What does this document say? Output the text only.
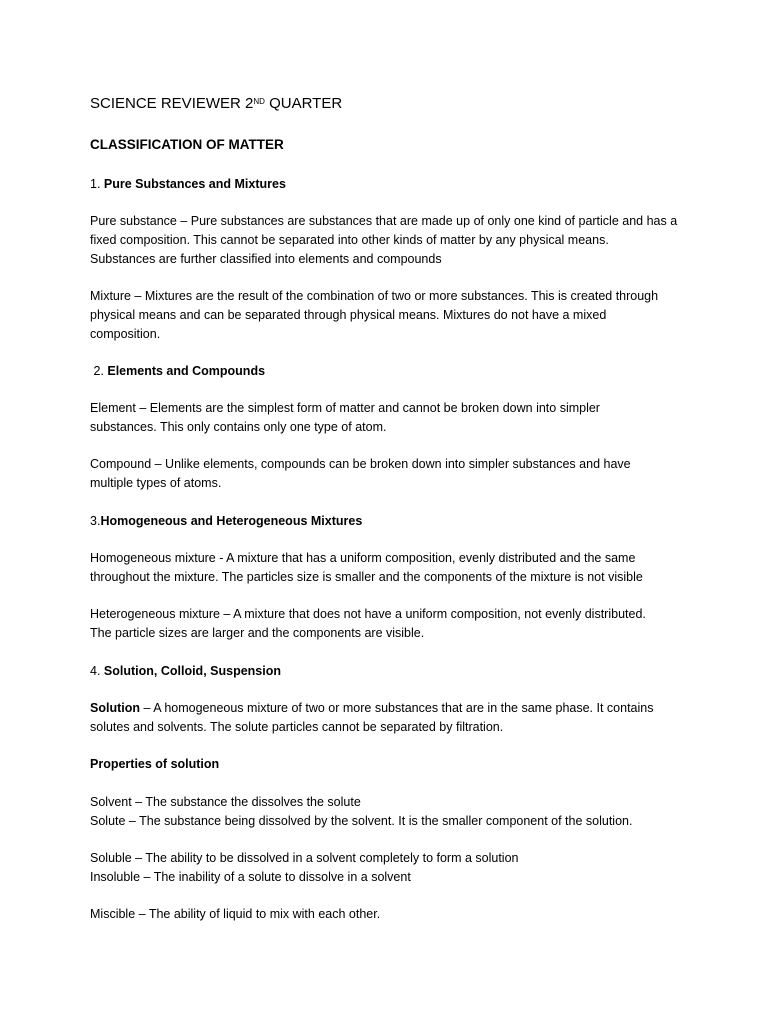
SCIENCE REVIEWER 2ND QUARTER
CLASSIFICATION OF MATTER
1. Pure Substances and Mixtures
Pure substance – Pure substances are substances that are made up of only one kind of particle and has a
fixed composition. This cannot be separated into other kinds of matter by any physical means.
Substances are further classified into elements and compounds
Mixture – Mixtures are the result of the combination of two or more substances. This is created through
physical means and can be separated through physical means. Mixtures do not have a mixed
composition.
2. Elements and Compounds
Element – Elements are the simplest form of matter and cannot be broken down into simpler
substances. This only contains only one type of atom.
Compound – Unlike elements, compounds can be broken down into simpler substances and have
multiple types of atoms.
3.Homogeneous and Heterogeneous Mixtures
Homogeneous mixture - A mixture that has a uniform composition, evenly distributed and the same
throughout the mixture. The particles size is smaller and the components of the mixture is not visible
Heterogeneous mixture – A mixture that does not have a uniform composition, not evenly distributed.
The particle sizes are larger and the components are visible.
4. Solution, Colloid, Suspension
Solution – A homogeneous mixture of two or more substances that are in the same phase. It contains
solutes and solvents. The solute particles cannot be separated by filtration.
Properties of solution
Solvent – The substance the dissolves the solute
Solute – The substance being dissolved by the solvent. It is the smaller component of the solution.
Soluble – The ability to be dissolved in a solvent completely to form a solution
Insoluble – The inability of a solute to dissolve in a solvent
Miscible – The ability of liquid to mix with each other.
